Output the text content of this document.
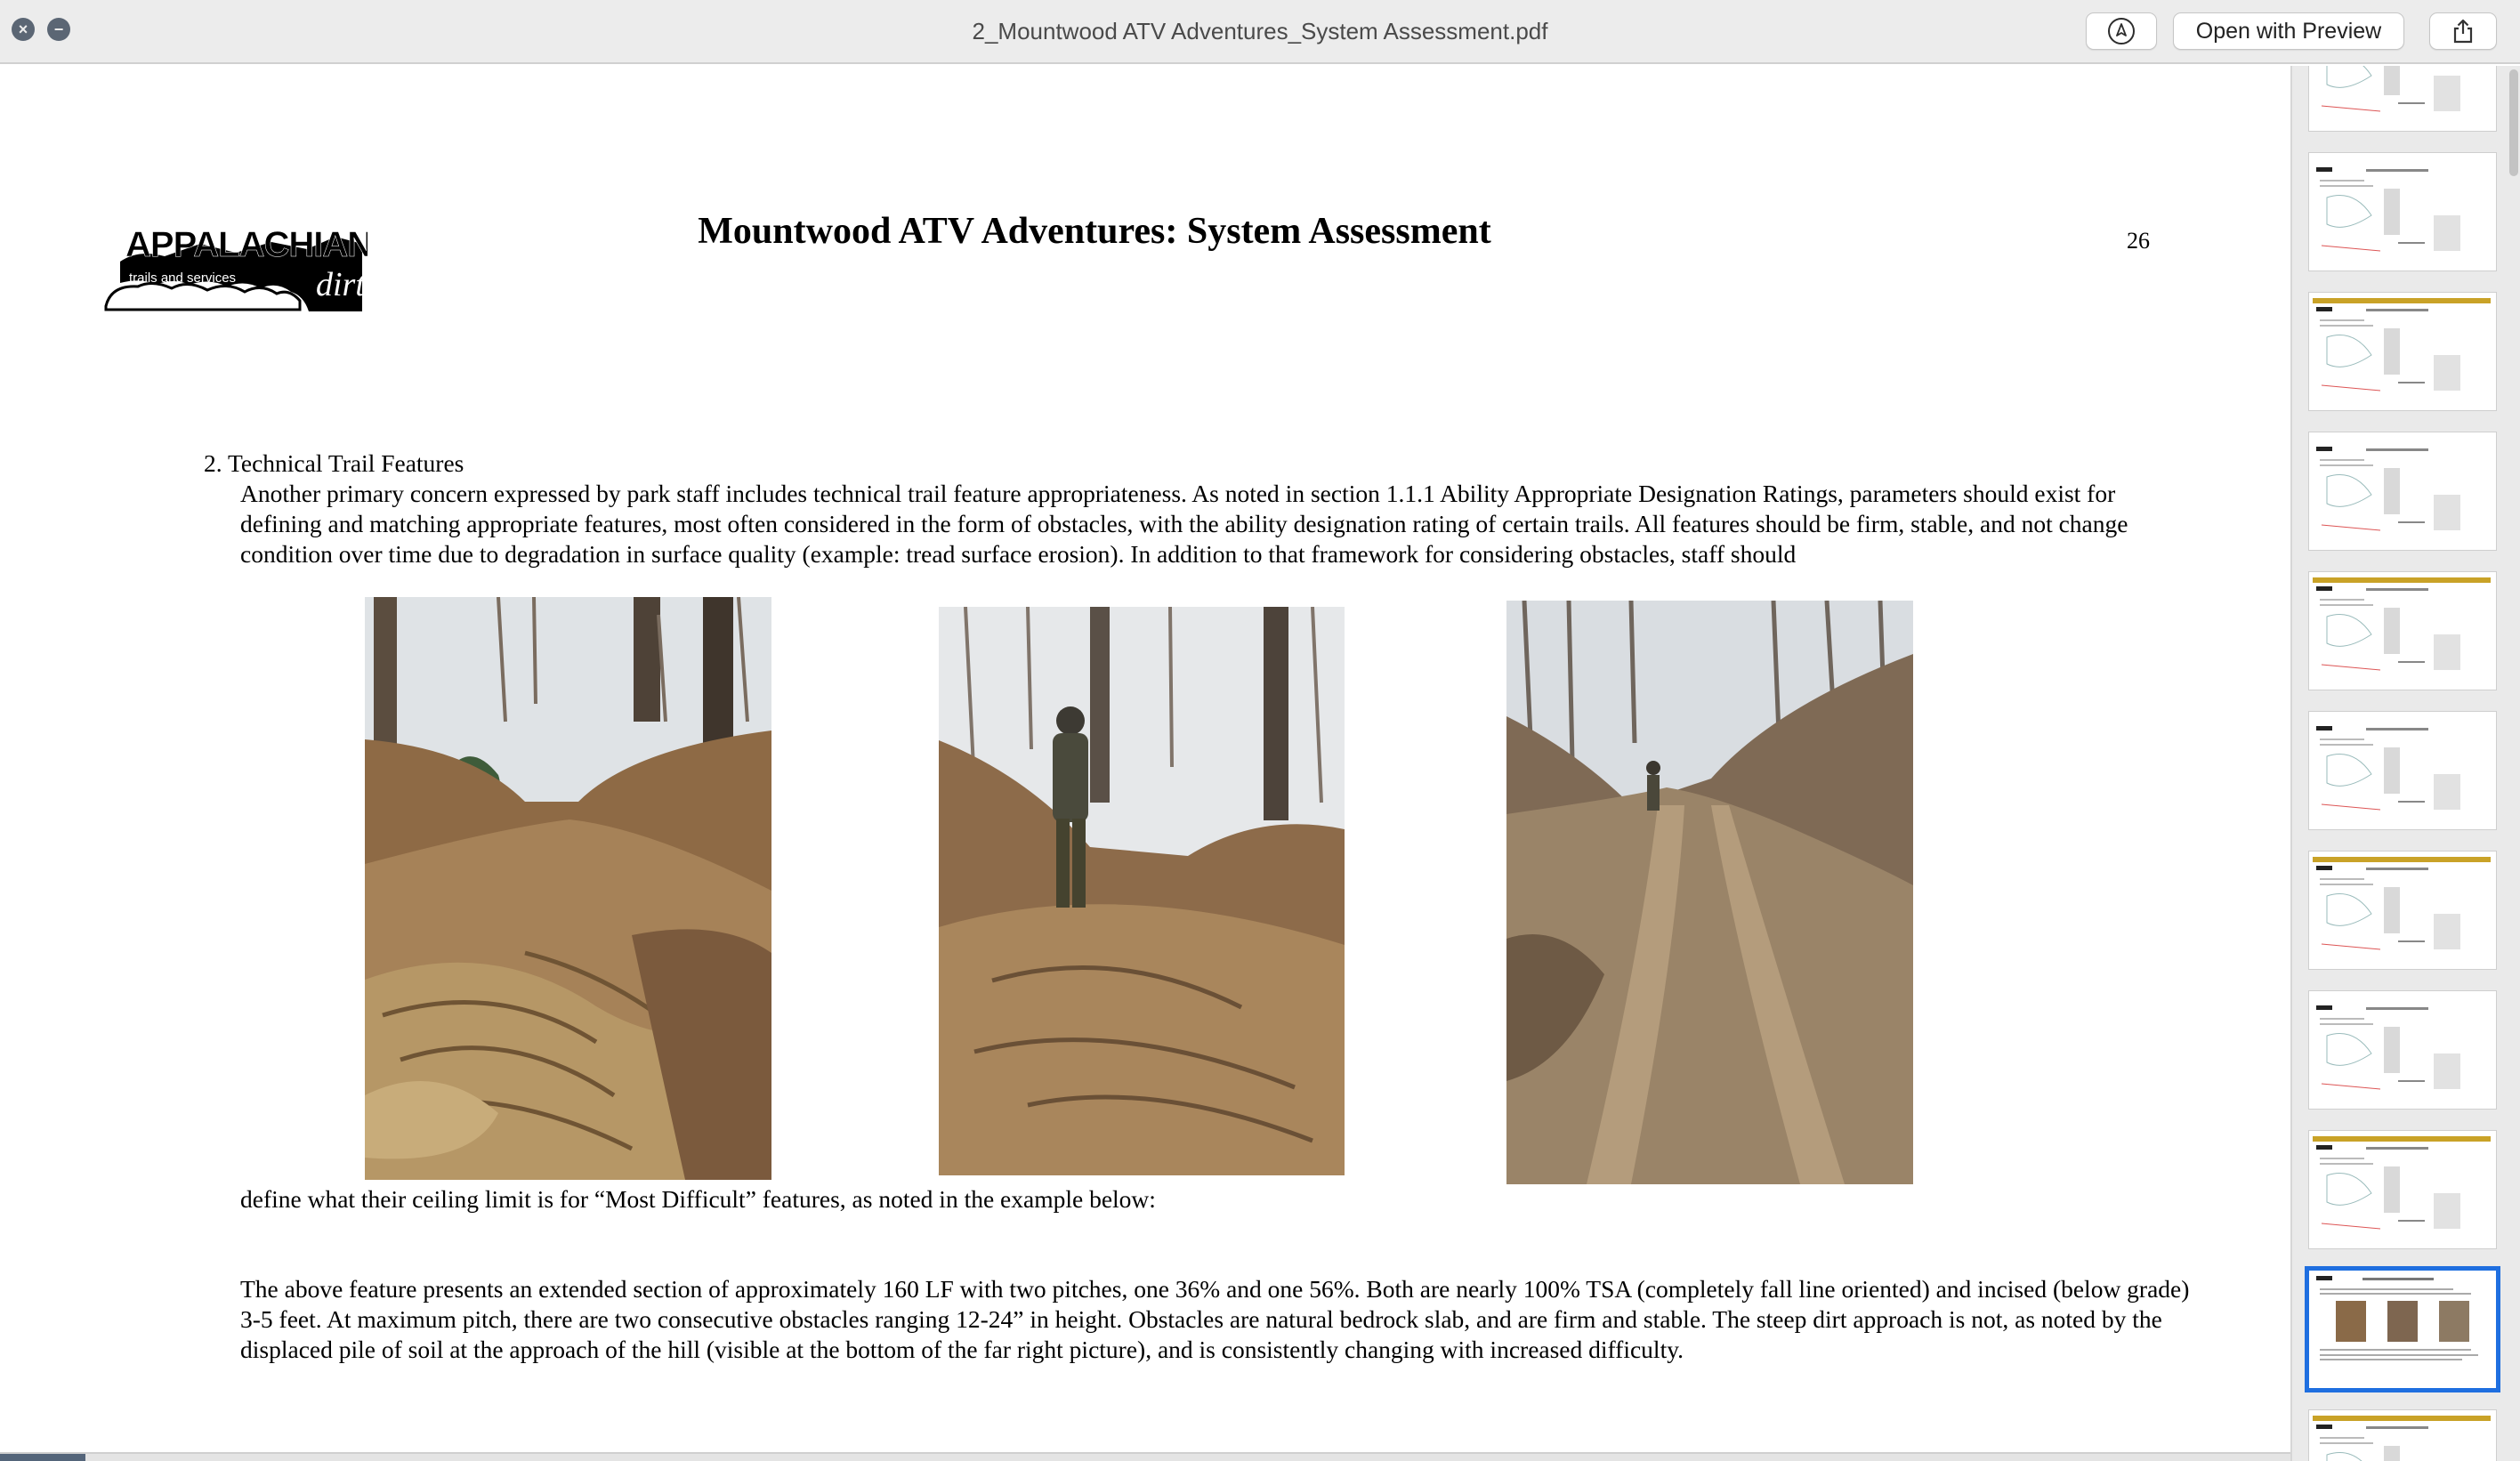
×	−	2_Mountwood ATV Adventures_System Assessment.pdf	Open with Preview
APPALACHIAN
trails and services dirt
Mountwood ATV Adventures: System Assessment	26
2. Technical Trail Features
Another primary concern expressed by park staff includes technical trail feature appropriateness. As noted in section 1.1.1 Ability Appropriate Designation Ratings, parameters should exist for defining and matching appropriate features, most often considered in the form of obstacles, with the ability designation rating of certain trails. All features should be firm, stable, and not change condition over time due to degradation in surface quality (example: tread surface erosion). In addition to that framework for considering obstacles, staff should
define what their ceiling limit is for “Most Difficult” features, as noted in the example below:
The above feature presents an extended section of approximately 160 LF with two pitches, one 36% and one 56%. Both are nearly 100% TSA (completely fall line oriented) and incised (below grade) 3-5 feet. At maximum pitch, there are two consecutive obstacles ranging 12-24” in height. Obstacles are natural bedrock slab, and are firm and stable. The steep dirt approach is not, as noted by the displaced pile of soil at the approach of the hill (visible at the bottom of the far right picture), and is consistently changing with increased difficulty.
